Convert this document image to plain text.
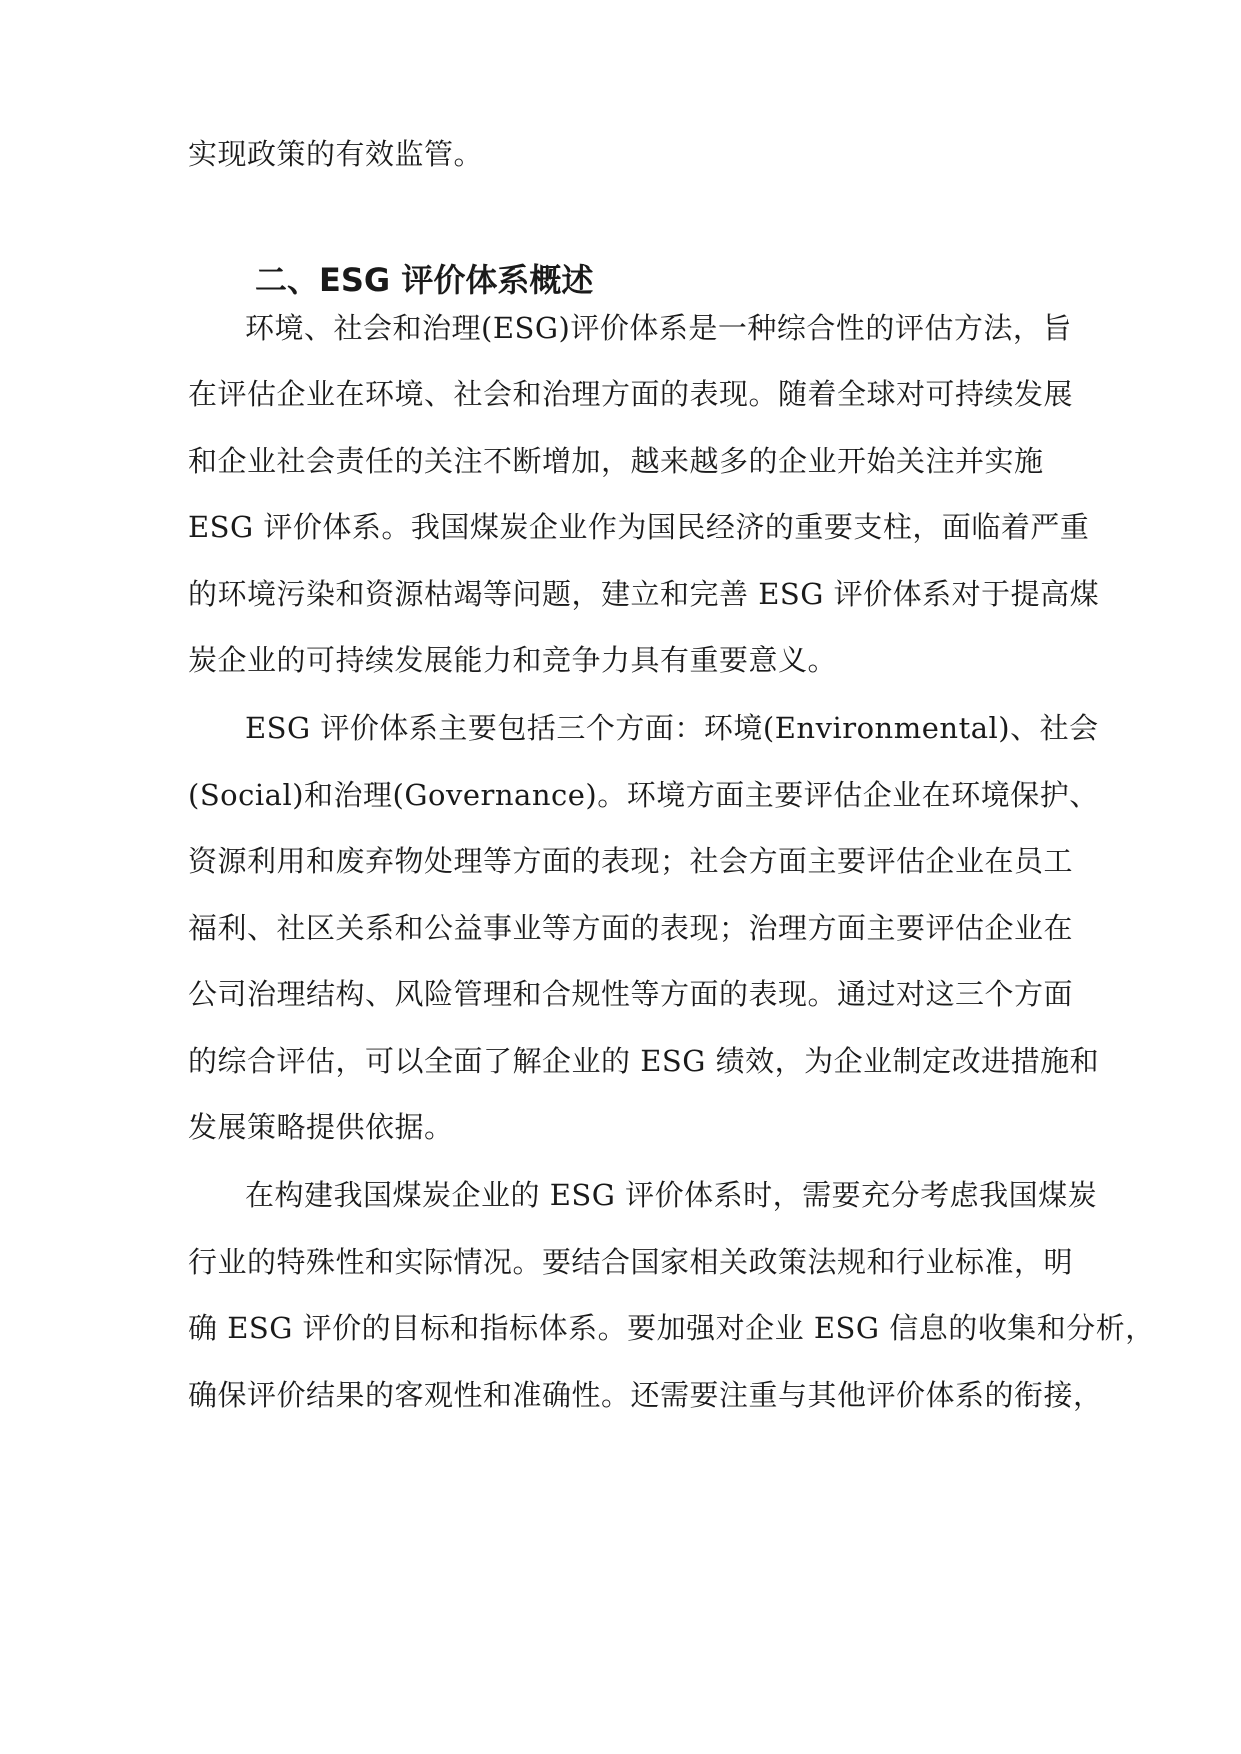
实现政策的有效监管。
二、ESG 评价体系概述
环境、社会和治理(ESG)评价体系是一种综合性的评估方法，旨
在评估企业在环境、社会和治理方面的表现。随着全球对可持续发展
和企业社会责任的关注不断增加，越来越多的企业开始关注并实施
ESG 评价体系。我国煤炭企业作为国民经济的重要支柱，面临着严重
的环境污染和资源枯竭等问题，建立和完善 ESG 评价体系对于提高煤
炭企业的可持续发展能力和竞争力具有重要意义。
ESG 评价体系主要包括三个方面：环境(Environmental)、社会
(Social)和治理(Governance)。环境方面主要评估企业在环境保护、
资源利用和废弃物处理等方面的表现；社会方面主要评估企业在员工
福利、社区关系和公益事业等方面的表现；治理方面主要评估企业在
公司治理结构、风险管理和合规性等方面的表现。通过对这三个方面
的综合评估，可以全面了解企业的 ESG 绩效，为企业制定改进措施和
发展策略提供依据。
在构建我国煤炭企业的 ESG 评价体系时，需要充分考虑我国煤炭
行业的特殊性和实际情况。要结合国家相关政策法规和行业标准，明
确 ESG 评价的目标和指标体系。要加强对企业 ESG 信息的收集和分析，
确保评价结果的客观性和准确性。还需要注重与其他评价体系的衔接，
